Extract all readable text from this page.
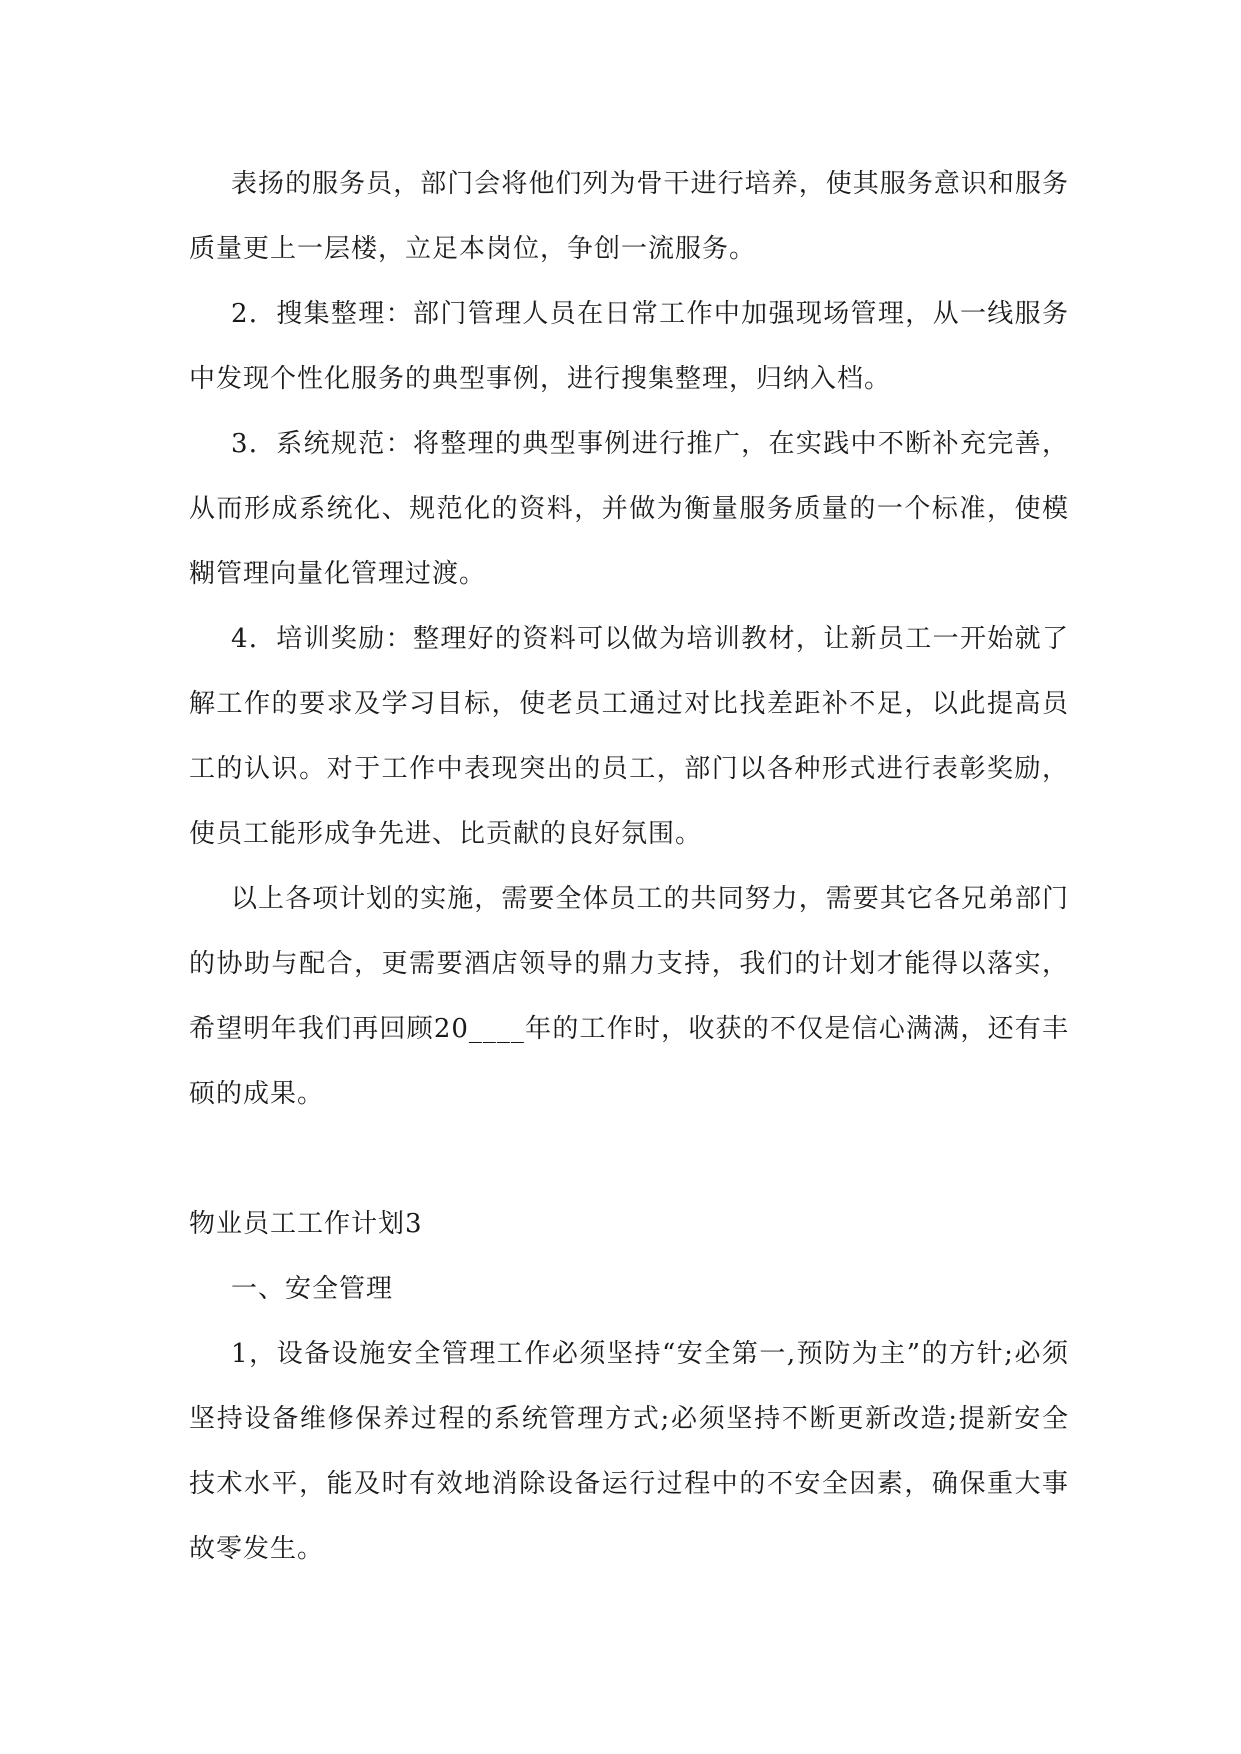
表扬的服务员，部门会将他们列为骨干进行培养，使其服务意识和服务质量更上一层楼，立足本岗位，争创一流服务。

2．搜集整理：部门管理人员在日常工作中加强现场管理，从一线服务中发现个性化服务的典型事例，进行搜集整理，归纳入档。

3．系统规范：将整理的典型事例进行推广，在实践中不断补充完善，从而形成系统化、规范化的资料，并做为衡量服务质量的一个标准，使模糊管理向量化管理过渡。

4．培训奖励：整理好的资料可以做为培训教材，让新员工一开始就了解工作的要求及学习目标，使老员工通过对比找差距补不足，以此提高员工的认识。对于工作中表现突出的员工，部门以各种形式进行表彰奖励，使员工能形成争先进、比贡献的良好氛围。

以上各项计划的实施，需要全体员工的共同努力，需要其它各兄弟部门的协助与配合，更需要酒店领导的鼎力支持，我们的计划才能得以落实，希望明年我们再回顾20____年的工作时，收获的不仅是信心满满，还有丰硕的成果。

物业员工工作计划3

一、安全管理

1，设备设施安全管理工作必须坚持“安全第一,预防为主”的方针;必须坚持设备维修保养过程的系统管理方式;必须坚持不断更新改造;提新安全技术水平，能及时有效地消除设备运行过程中的不安全因素，确保重大事故零发生。
